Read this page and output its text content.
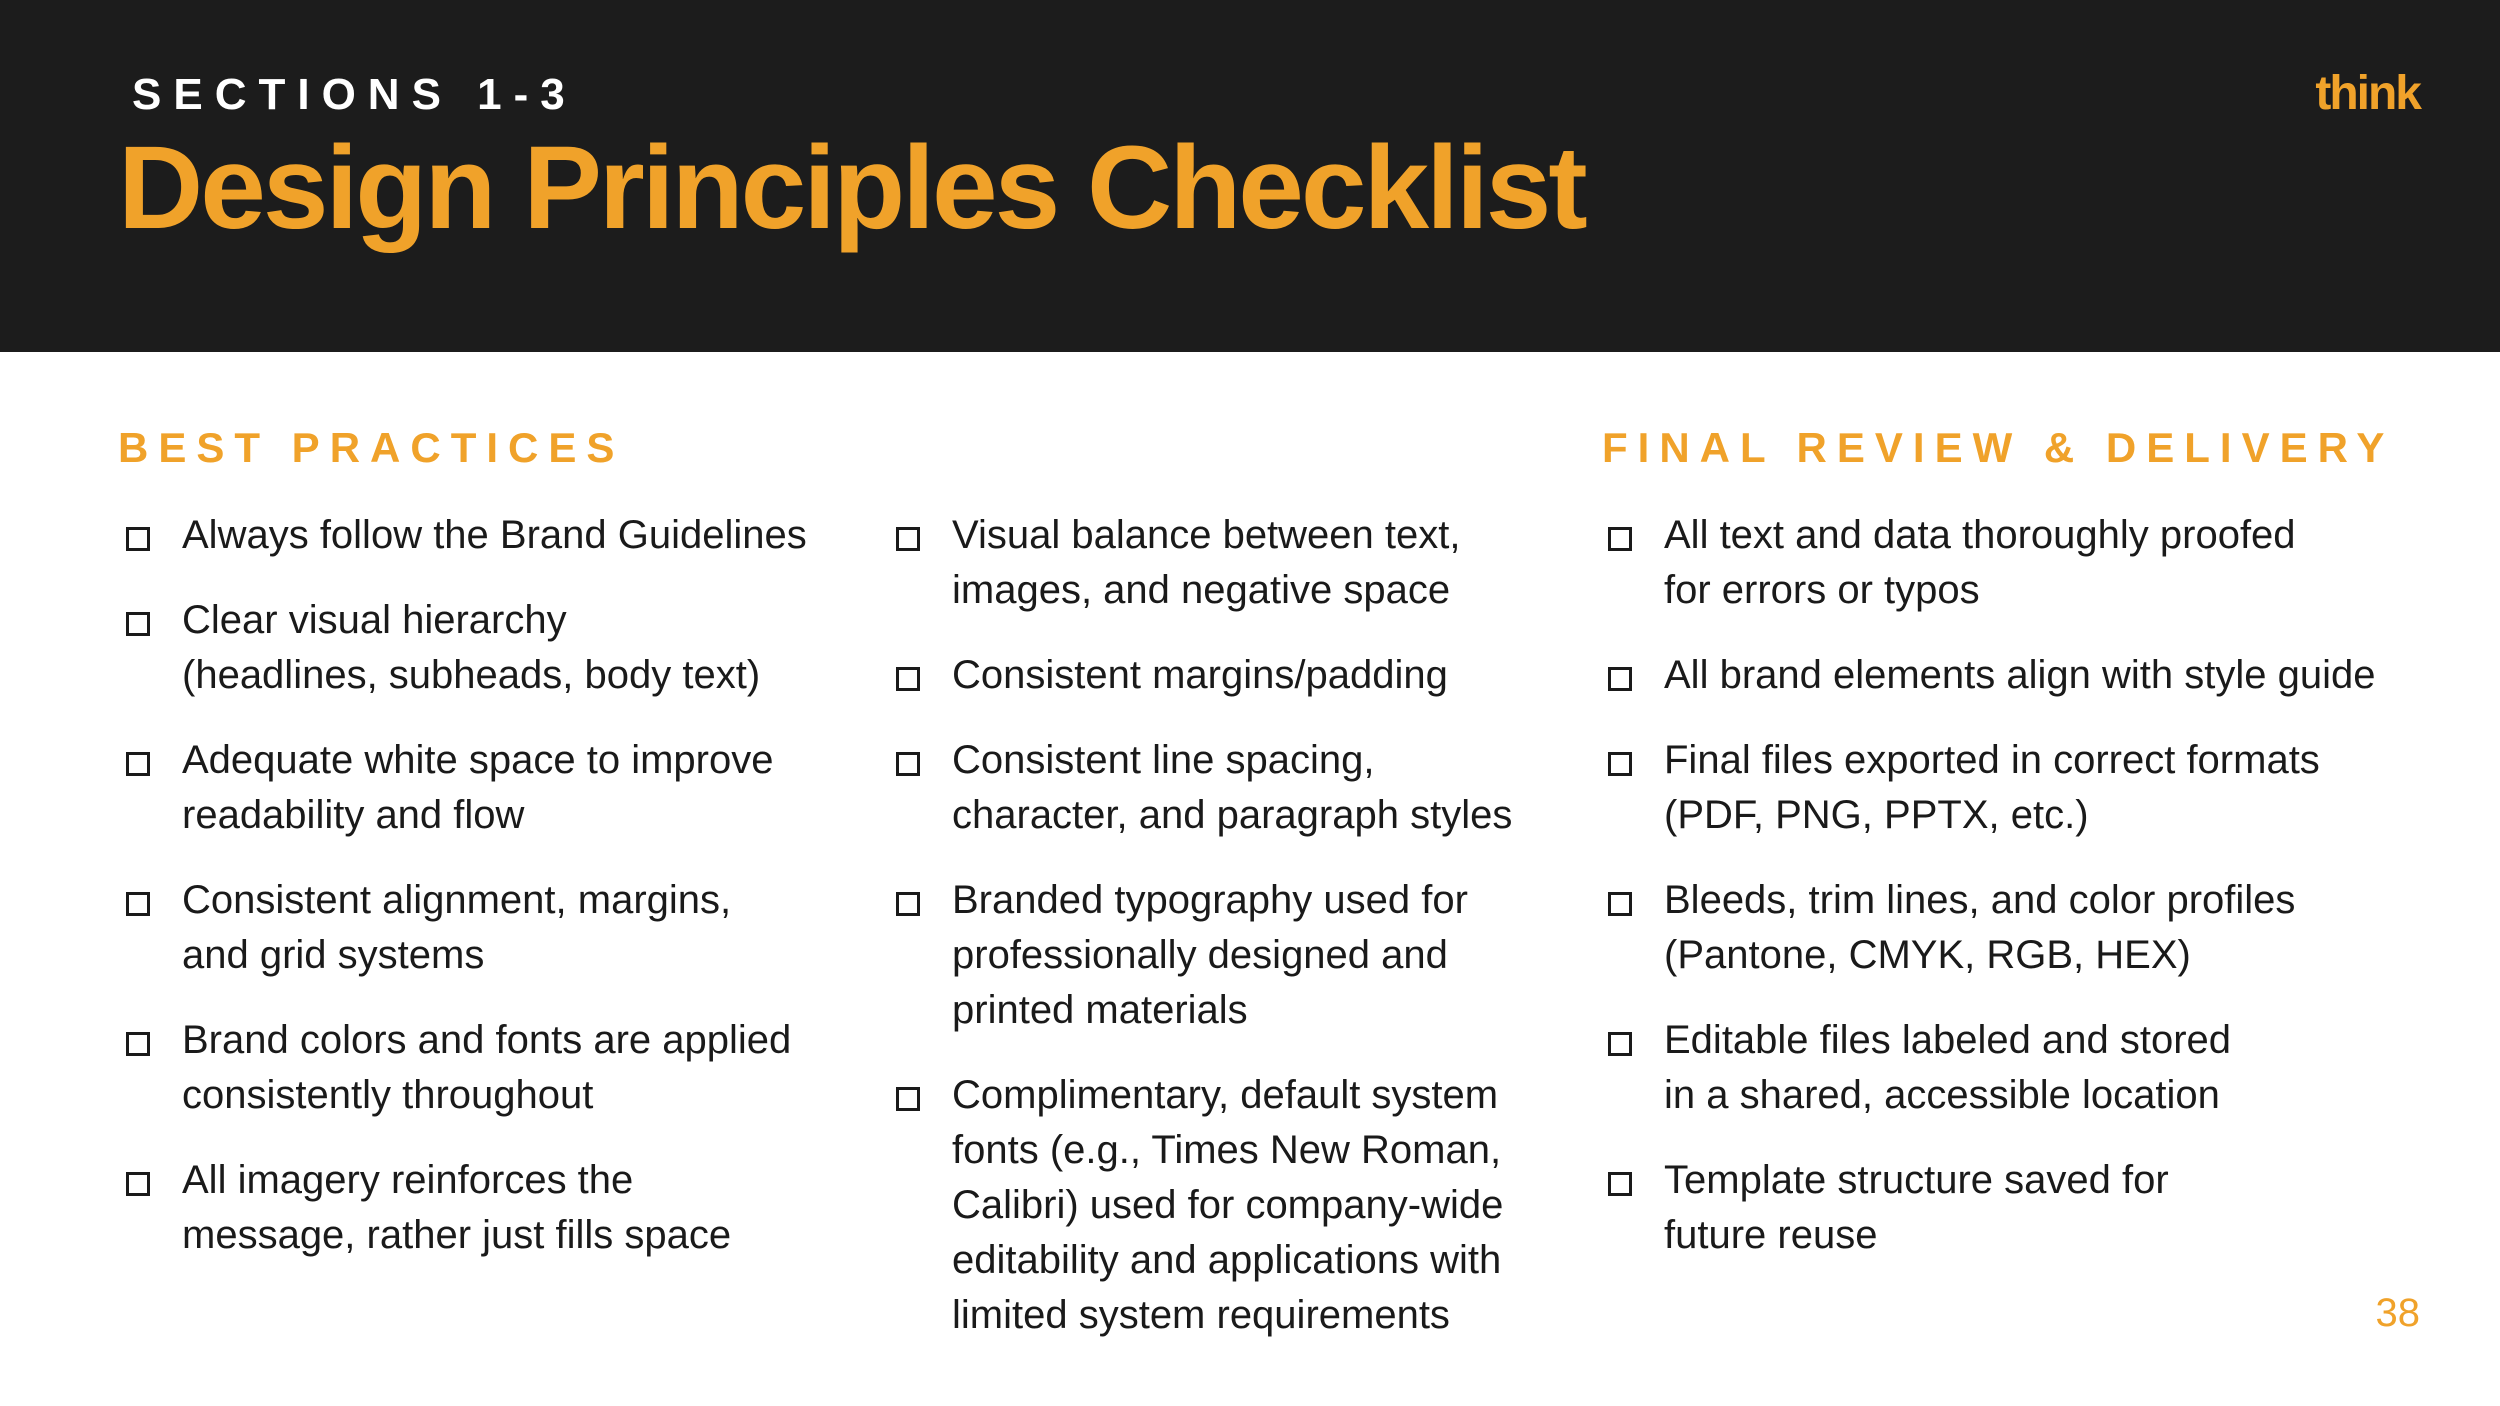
SECTIONS 1-3
Design Principles Checklist
think
BEST PRACTICES	FINAL REVIEW & DELIVERY
Always follow the Brand Guidelines
Clear visual hierarchy
(headlines, subheads, body text)
Adequate white space to improve
readability and flow
Consistent alignment, margins,
and grid systems
Brand colors and fonts are applied
consistently throughout
All imagery reinforces the
message, rather just fills space
Visual balance between text,
images, and negative space
Consistent margins/padding
Consistent line spacing,
character, and paragraph styles
Branded typography used for
professionally designed and
printed materials
Complimentary, default system
fonts (e.g., Times New Roman,
Calibri) used for company-wide
editability and applications with
limited system requirements
All text and data thoroughly proofed
for errors or typos
All brand elements align with style guide
Final files exported in correct formats
(PDF, PNG, PPTX, etc.)
Bleeds, trim lines, and color profiles
(Pantone, CMYK, RGB, HEX)
Editable files labeled and stored
in a shared, accessible location
Template structure saved for
future reuse
38
